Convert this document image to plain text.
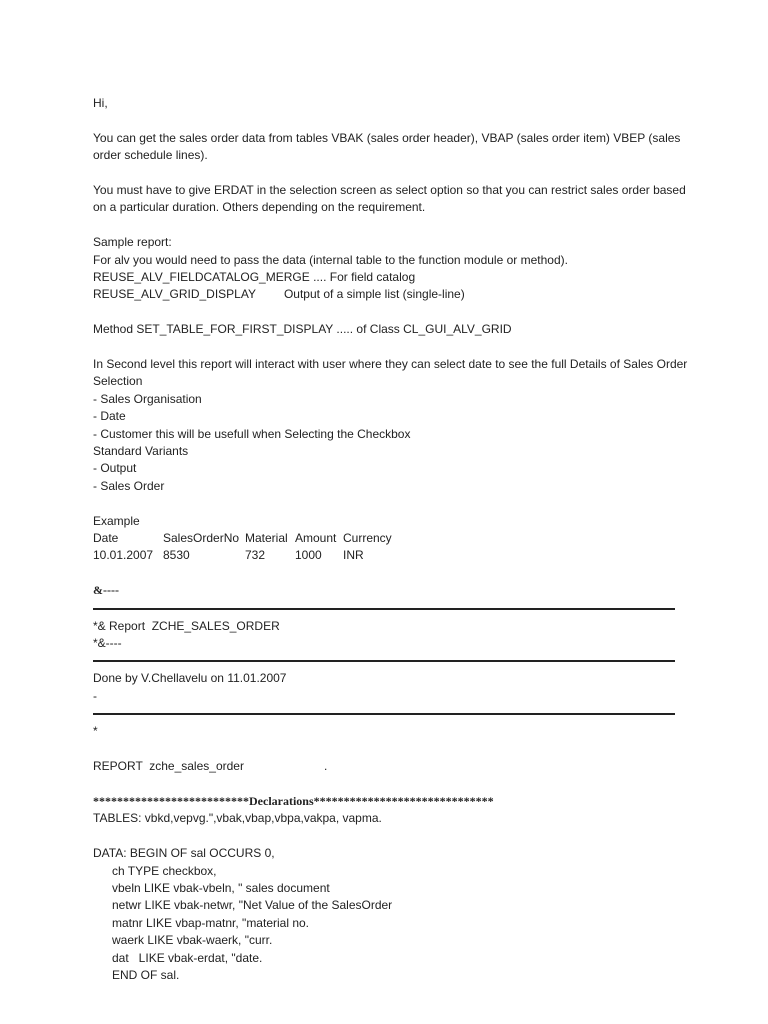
Hi,

You can get the sales order data from tables VBAK (sales order header), VBAP (sales order item) VBEP (sales

order schedule lines).

You must have to give ERDAT in the selection screen as select option so that you can restrict sales order based

on a particular duration. Others depending on the requirement.

Sample report:

For alv you would need to pass the data (internal table to the function module or method).

REUSE_ALV_FIELDCATALOG_MERGE .... For field catalog

REUSE_ALV_GRID_DISPLAY Output of a simple list (single-line)

Method SET_TABLE_FOR_FIRST_DISPLAY ..... of Class CL_GUI_ALV_GRID

In Second level this report will interact with user where they can select date to see the full Details of Sales Order

Selection

- Sales Organisation

- Date

- Customer this will be usefull when Selecting the Checkbox

Standard Variants

- Output

- Sales Order

Example

Date	SalesOrderNo Material Amount Currency
10.01.2007 8530	732	1000	INR

&----

*& Report  ZCHE_SALES_ORDER

*&----

Done by V.Chellavelu on 11.01.2007

-

*

REPORT  zche_sales_order	.

**************************Declarations******************************

TABLES: vbkd,vepvg.",vbak,vbap,vbpa,vakpa, vapma.

DATA: BEGIN OF sal OCCURS 0,

ch TYPE checkbox,

vbeln LIKE vbak-vbeln, " sales document

netwr LIKE vbak-netwr, "Net Value of the SalesOrder

matnr LIKE vbap-matnr, "material no.

waerk LIKE vbak-waerk, "curr.

dat   LIKE vbak-erdat, "date.

END OF sal.
